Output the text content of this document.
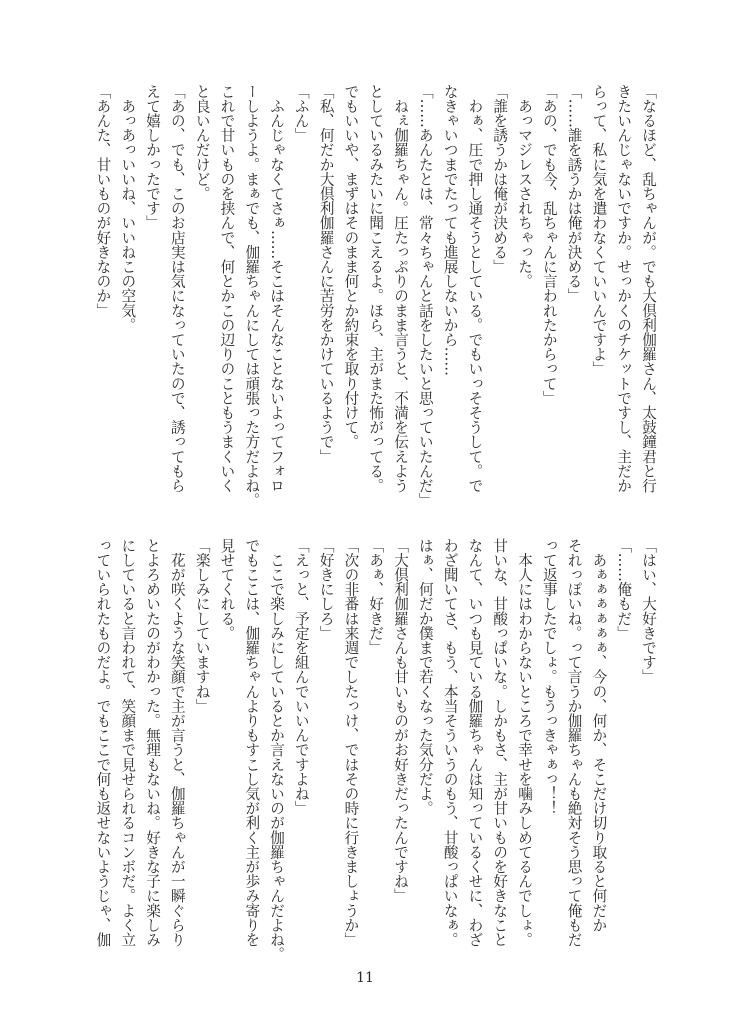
「なるほど、乱ちゃんが。でも大倶利伽羅さん、太鼓鐘君と行
きたいんじゃないですか。せっかくのチケットですし、主だか
らって、私に気を遣わなくていいんですよ」
「……誰を誘うかは俺が決める」
「あの、でも今、乱ちゃんに言われたからって」
　あっマジレスされちゃった。
「誰を誘うかは俺が決める」
　わぁ、圧で押し通そうとしている。でもいっそそうして。で
なきゃいつまでたっても進展しないから……
「……あんたとは、常々ちゃんと話をしたいと思っていたんだ」
　ねぇ伽羅ちゃん。圧たっぷりのまま言うと、不満を伝えよう
としているみたいに聞こえるよ。ほら、主がまた怖がってる。
でもいいや、まずはそのまま何とか約束を取り付けて。
「私、何だか大倶利伽羅さんに苦労をかけているようで」
「ふん」
　ふんじゃなくてさぁ……そこはそんなことないよってフォロ
ーしようよ。まぁでも、伽羅ちゃんにしては頑張った方だよね。
これで甘いものを挟んで、何とかこの辺りのこともうまくいく
と良いんだけど。
「あの、でも、このお店実は気になっていたので、誘ってもら
えて嬉しかったです」
　あっあっいいね、いいねこの空気。
「あんた、甘いものが好きなのか」
「はい、大好きです」
「……俺もだ」
　あぁぁぁぁぁぁ、今の、何か、そこだけ切り取ると何だか
それっぽいね。って言うか伽羅ちゃんも絶対そう思って俺もだ
って返事したでしょ。もうっきゃぁっ！！
　本人にはわからないところで幸せを噛みしめてるんでしょ。
甘いな、甘酸っぱいな。しかもさ、主が甘いものを好きなこと
なんて、いつも見ている伽羅ちゃんは知っているくせに、わざ
わざ聞いてさ、もう、本当そういうのもう、甘酸っぱいなぁ。
はぁ、何だか僕まで若くなった気分だよ。
「大倶利伽羅さんも甘いものがお好きだったんですね」
「あぁ、好きだ」
「次の非番は来週でしたっけ、ではその時に行きましょうか」
「好きにしろ」
「えっと、予定を組んでいいんですよね」
　ここで楽しみにしているとか言えないのが伽羅ちゃんだよね。
でもここは、伽羅ちゃんよりもすこし気が利く主が歩み寄りを
見せてくれる。
「楽しみにしていますね」
　花が咲くような笑顔で主が言うと、伽羅ちゃんが一瞬ぐらり
とよろめいたのがわかった。無理もないね。好きな子に楽しみ
にしていると言われて、笑顔まで見せられるコンボだ。よく立
っていられたものだよ。でもここで何も返せないようじゃ、伽
11
